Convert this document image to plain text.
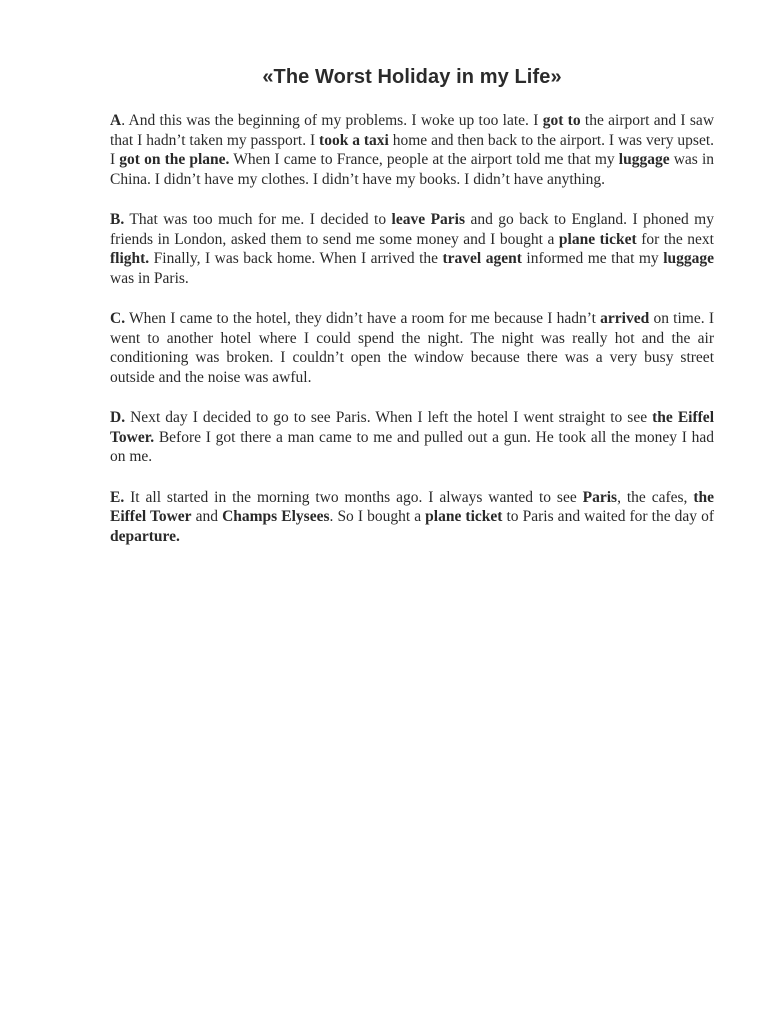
«The Worst Holiday in my Life»

A. And this was the beginning of my problems. I woke up too late. I got to the airport and I saw that I hadn’t taken my passport. I took a taxi home and then back to the airport. I was very upset. I got on the plane. When I came to France, people at the airport told me that my luggage was in China. I didn’t have my clothes. I didn’t have my books. I didn’t have anything.

B. That was too much for me. I decided to leave Paris and go back to England. I phoned my friends in London, asked them to send me some money and I bought a plane ticket for the next flight. Finally, I was back home. When I arrived the travel agent informed me that my luggage was in Paris.

C. When I came to the hotel, they didn’t have a room for me because I hadn’t arrived on time. I went to another hotel where I could spend the night. The night was really hot and the air conditioning was broken. I couldn’t open the window because there was a very busy street outside and the noise was awful.

D. Next day I decided to go to see Paris. When I left the hotel I went straight to see the Eiffel Tower. Before I got there a man came to me and pulled out a gun. He took all the money I had on me.

E. It all started in the morning two months ago. I always wanted to see Paris, the cafes, the Eiffel Tower and Champs Elysees. So I bought a plane ticket to Paris and waited for the day of departure.
